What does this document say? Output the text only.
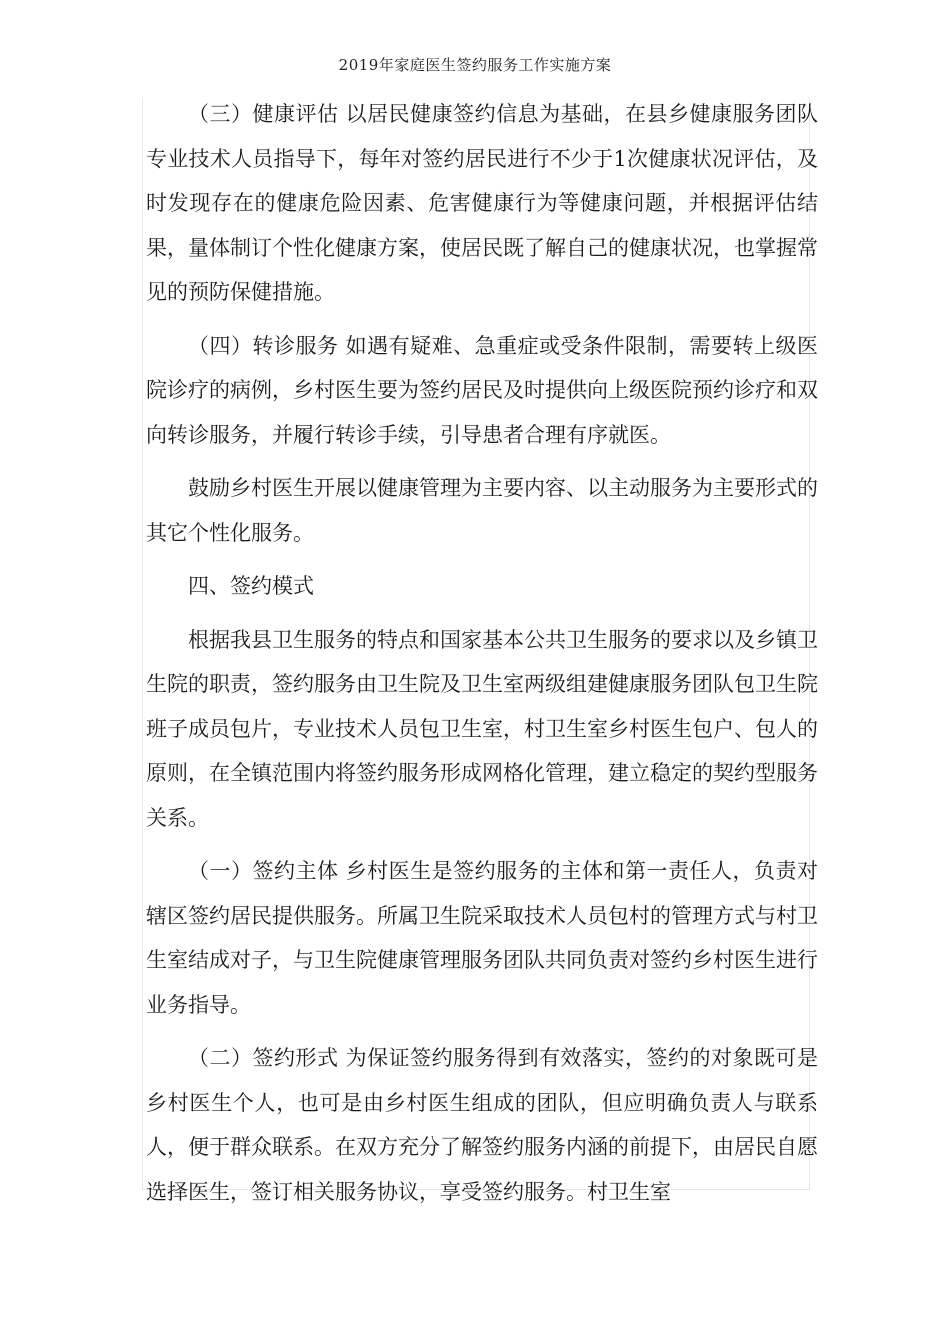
2019年家庭医生签约服务工作实施方案

（三）健康评估 以居民健康签约信息为基础，在县乡健康服务团队专业技术人员指导下，每年对签约居民进行不少于1次健康状况评估，及时发现存在的健康危险因素、危害健康行为等健康问题，并根据评估结果，量体制订个性化健康方案，使居民既了解自己的健康状况，也掌握常见的预防保健措施。

（四）转诊服务 如遇有疑难、急重症或受条件限制，需要转上级医院诊疗的病例，乡村医生要为签约居民及时提供向上级医院预约诊疗和双向转诊服务，并履行转诊手续，引导患者合理有序就医。

鼓励乡村医生开展以健康管理为主要内容、以主动服务为主要形式的其它个性化服务。

四、签约模式

根据我县卫生服务的特点和国家基本公共卫生服务的要求以及乡镇卫生院的职责，签约服务由卫生院及卫生室两级组建健康服务团队包卫生院班子成员包片，专业技术人员包卫生室，村卫生室乡村医生包户、包人的原则，在全镇范围内将签约服务形成网格化管理，建立稳定的契约型服务关系。

（一）签约主体 乡村医生是签约服务的主体和第一责任人，负责对辖区签约居民提供服务。所属卫生院采取技术人员包村的管理方式与村卫生室结成对子，与卫生院健康管理服务团队共同负责对签约乡村医生进行业务指导。

（二）签约形式 为保证签约服务得到有效落实，签约的对象既可是乡村医生个人，也可是由乡村医生组成的团队，但应明确负责人与联系人，便于群众联系。在双方充分了解签约服务内涵的前提下，由居民自愿选择医生，签订相关服务协议，享受签约服务。村卫生室
